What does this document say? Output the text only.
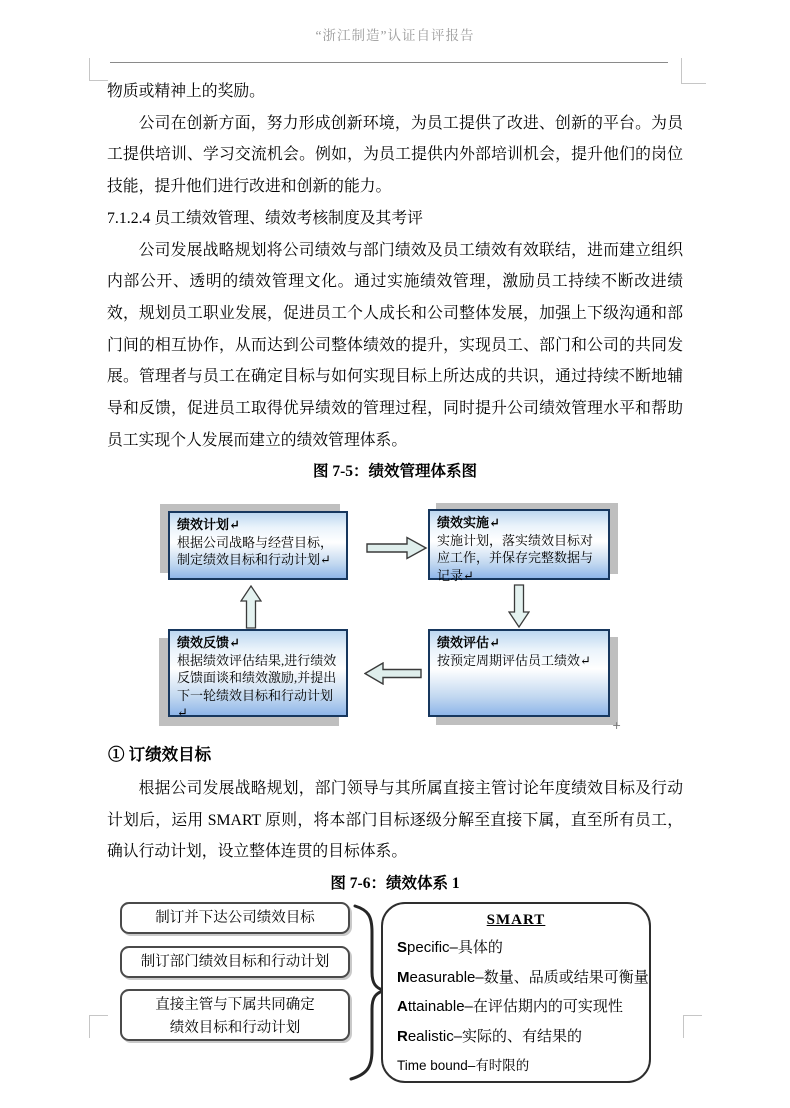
“浙江制造”认证自评报告

物质或精神上的奖励。

公司在创新方面，努力形成创新环境，为员工提供了改进、创新的平台。为员工提供培训、学习交流机会。例如，为员工提供内外部培训机会，提升他们的岗位技能，提升他们进行改进和创新的能力。

7.1.2.4 员工绩效管理、绩效考核制度及其考评

公司发展战略规划将公司绩效与部门绩效及员工绩效有效联结，进而建立组织内部公开、透明的绩效管理文化。通过实施绩效管理，激励员工持续不断改进绩效，规划员工职业发展，促进员工个人成长和公司整体发展，加强上下级沟通和部门间的相互协作，从而达到公司整体绩效的提升，实现员工、部门和公司的共同发展。管理者与员工在确定目标与如何实现目标上所达成的共识，通过持续不断地辅导和反馈，促进员工取得优异绩效的管理过程，同时提升公司绩效管理水平和帮助员工实现个人发展而建立的绩效管理体系。

图 7-5：绩效管理体系图
绩效计划↵
根据公司战略与经营目标，制定绩效目标和行动计划↵
绩效实施↵
实施计划，落实绩效目标对应工作，并保存完整数据与记录↵
绩效反馈↵
根据绩效评估结果,进行绩效反馈面谈和绩效激励,并提出下一轮绩效目标和行动计划↵
绩效评估↵
按预定周期评估员工绩效↵
+
① 订绩效目标

根据公司发展战略规划，部门领导与其所属直接主管讨论年度绩效目标及行动计划后，运用 SMART 原则，将本部门目标逐级分解至直接下属，直至所有员工，确认行动计划，设立整体连贯的目标体系。

图 7-6：绩效体系 1
制订并下达公司绩效目标
制订部门绩效目标和行动计划
直接主管与下属共同确定
绩效目标和行动计划
SMART
Specific–具体的
Measurable–数量、品质或结果可衡量
Attainable–在评估期内的可实现性
Realistic–实际的、有结果的
Time bound–有时限的
